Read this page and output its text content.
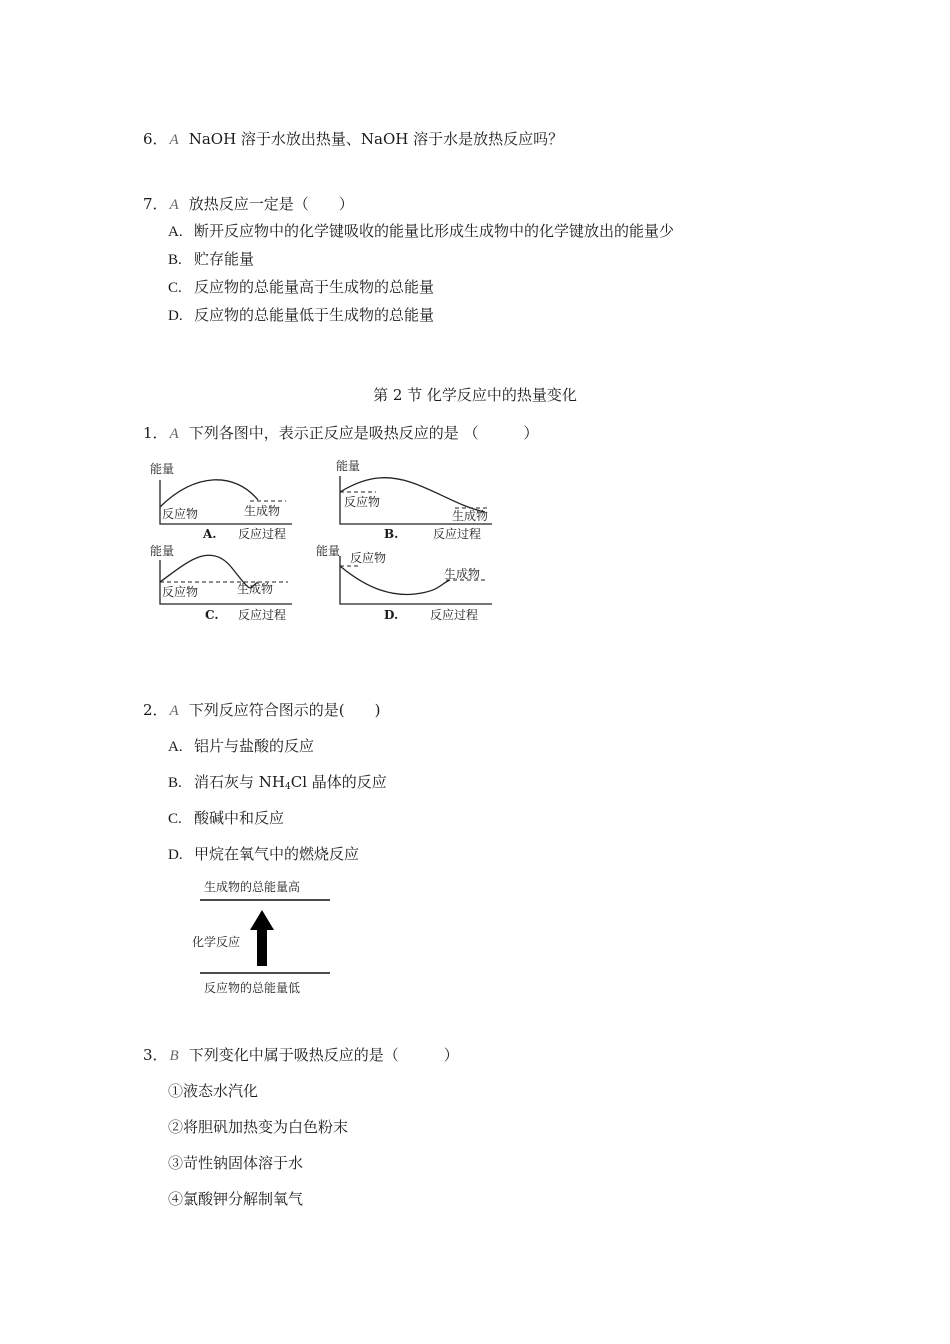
6． A NaOH 溶于水放出热量、NaOH 溶于水是放热反应吗？
7． A 放热反应一定是（　　）
A. 断开反应物中的化学键吸收的能量比形成生成物中的化学键放出的能量少
B. 贮存能量
C. 反应物的总能量高于生成物的总能量
D. 反应物的总能量低于生成物的总能量
第 2 节 化学反应中的热量变化
1． A 下列各图中，表示正反应是吸热反应的是 （　　　）
能量
反应物	生成物
A. 反应过程
能量
反应物
生成物
B.	反应过程
能量
反应物	生成物
C. 反应过程
能量 反应物
生成物
D.	反应过程
2． A 下列反应符合图示的是(　　)
A. 铝片与盐酸的反应
B. 消石灰与 $NH_4Cl$ 晶体的反应
C. 酸碱中和反应
D. 甲烷在氧气中的燃烧反应
生成物的总能量高
化学反应
反应物的总能量低
3． B 下列变化中属于吸热反应的是（　　　）
①液态水汽化
②将胆矾加热变为白色粉末
③苛性钠固体溶于水
④氯酸钾分解制氧气
